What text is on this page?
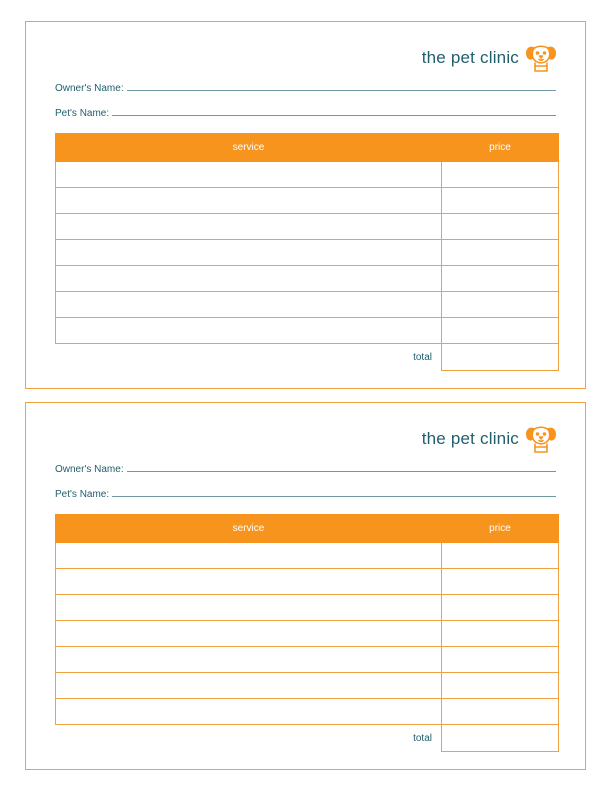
the pet clinic
Owner's Name:
Pet's Name:
service	price

total	
the pet clinic
Owner's Name:
Pet's Name:
service	price

total	
